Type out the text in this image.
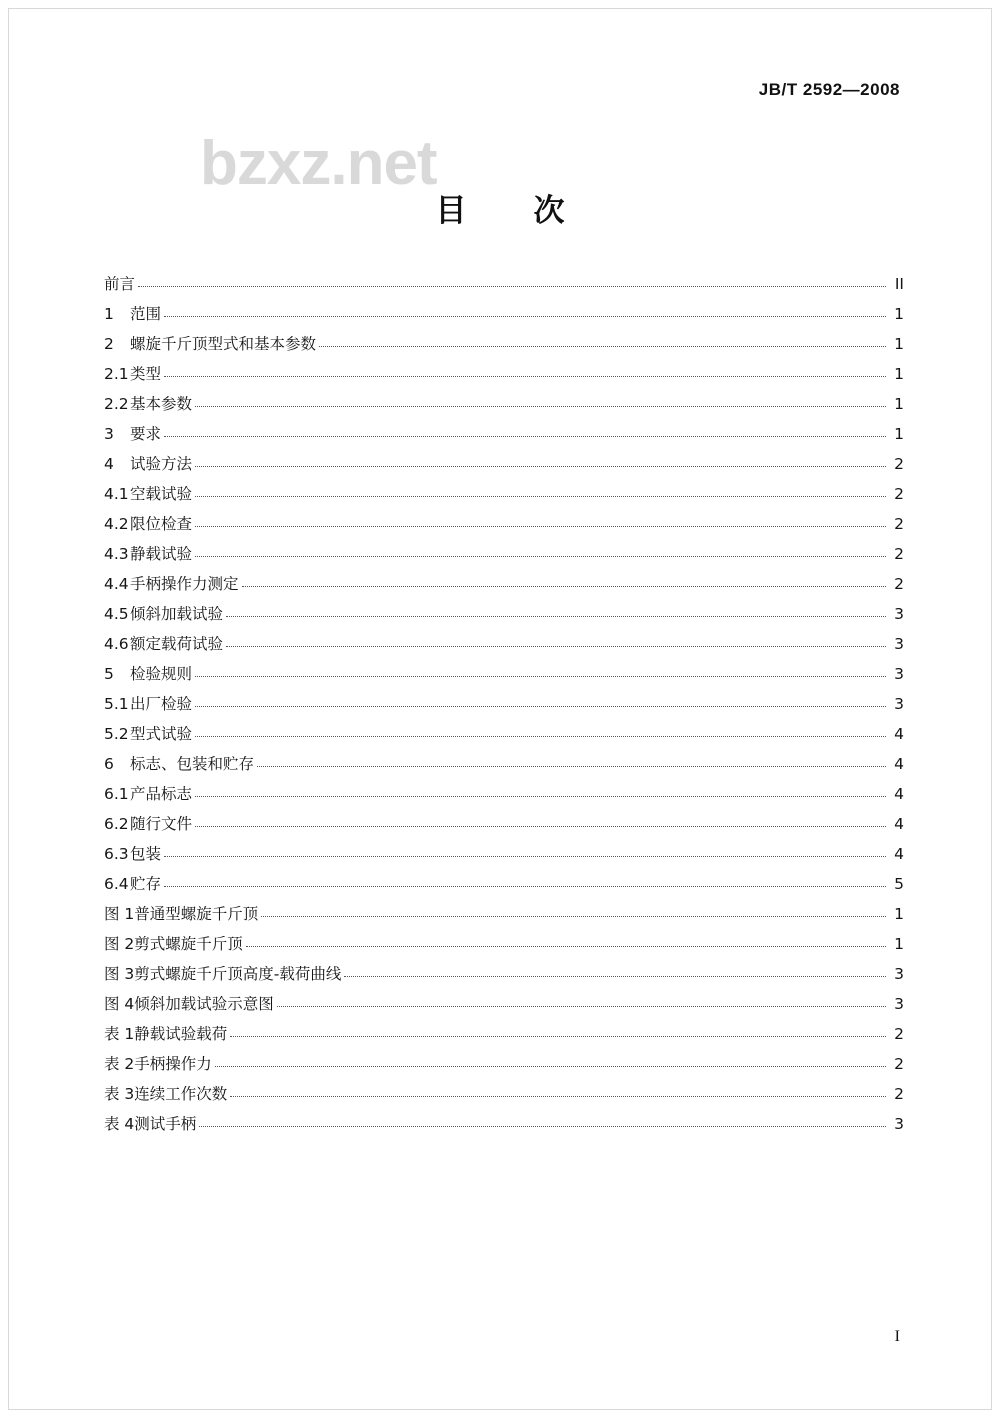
JB/T 2592—2008
bzxz.net
目　次
前言	II
1 范围	1
2 螺旋千斤顶型式和基本参数	1
2.1类型	1
2.2基本参数	1
3 要求	1
4 试验方法	2
4.1空载试验	2
4.2限位检查	2
4.3静载试验	2
4.4手柄操作力测定	2
4.5倾斜加载试验	3
4.6额定载荷试验	3
5 检验规则	3
5.1出厂检验	3
5.2型式试验	4
6 标志、包装和贮存	4
6.1产品标志	4
6.2随行文件	4
6.3包装	4
6.4贮存	5
图 1普通型螺旋千斤顶	1
图 2剪式螺旋千斤顶	1
图 3剪式螺旋千斤顶高度-载荷曲线	3
图 4倾斜加载试验示意图	3
表 1静载试验载荷	2
表 2手柄操作力	2
表 3连续工作次数	2
表 4测试手柄	3
I
